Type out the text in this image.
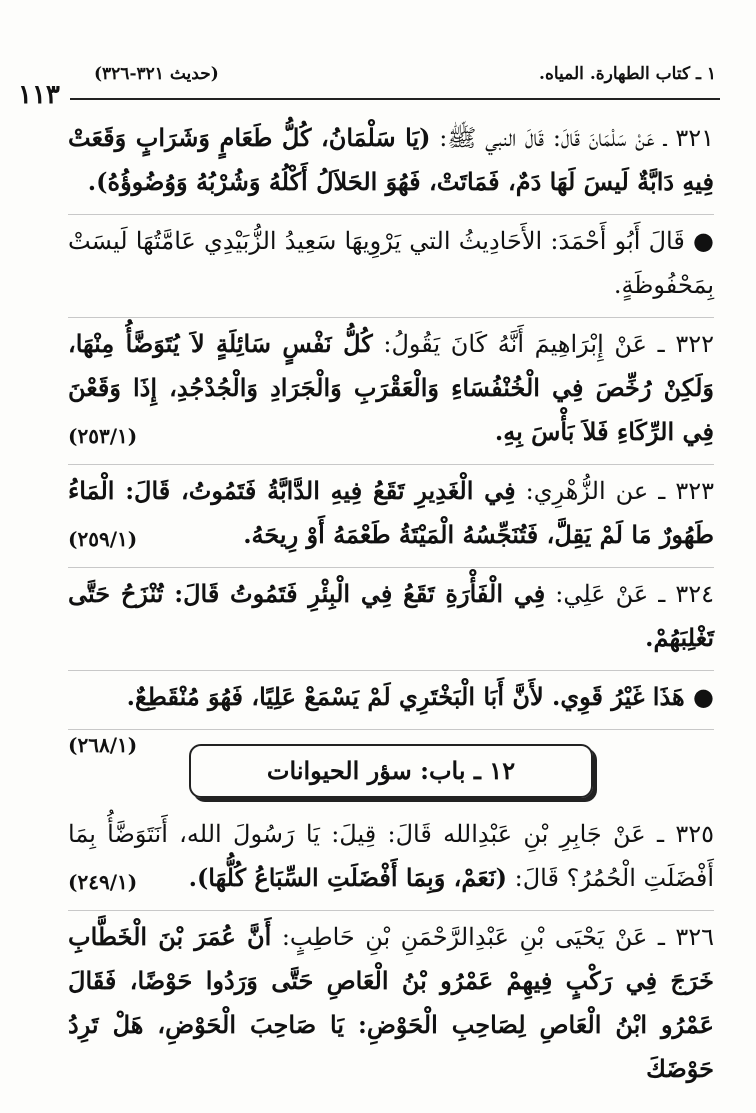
١ ـ كتاب الطهارة. المياه.
(حديث ٣٢١-٣٢٦)
١١٣

٣٢١ ـ عَنْ سَلْمَانَ قَالَ: قَالَ النبي ﷺ: (يَا سَلْمَانُ، كُلُّ طَعَامٍ وَشَرَابٍ وَقَعَتْ فِيهِ دَابَّةٌ لَيسَ لَهَا دَمٌ، فَمَاتَتْ، فَهُوَ الحَلاَلُ أَكْلُهُ وَشُرْبُهُ وَوُضُوؤُهُ).

● قَالَ أَبُو أَحْمَدَ: الأَحَادِيثُ التي يَرْوِيهَا سَعِيدُ الزُّبَيْدِي عَامَّتُهَا لَيسَتْ بِمَحْفُوظَةٍ.

٣٢٢ ـ عَنْ إِبْرَاهِيمَ أَنَّهُ كَانَ يَقُولُ: كُلُّ نَفْسٍ سَائِلَةٍ لاَ يُتَوَضَّأُ مِنْهَا، وَلَكِنْ رُخِّصَ فِي الْخُنْفُسَاءِ وَالْعَقْرَبِ وَالْجَرَادِ وَالْجُدْجُدِ، إِذَا وَقَعْنَ فِي الرِّكَاءِ فَلاَ بَأْسَ بِهِ.
(٢٥٣/١)

٣٢٣ ـ عن الزُّهْرِي: فِي الْغَدِيرِ تَقَعُ فِيهِ الدَّابَّةُ فَتَمُوتُ، قَالَ: الْمَاءُ طَهُورٌ مَا لَمْ يَقِلَّ، فَتُنَجِّسُهُ الْمَيْتَةُ طَعْمَهُ أَوْ رِيحَهُ.
(٢٥٩/١)

٣٢٤ ـ عَنْ عَلِي: فِي الْفَأْرَةِ تَقَعُ فِي الْبِئْرِ فَتَمُوتُ قَالَ: تُنْزَحُ حَتَّى تَغْلِبَهُمْ.

● هَذَا غَيْرُ قَوِي. لأَنَّ أَبَا الْبَخْتَرِي لَمْ يَسْمَعْ عَلِيًا، فَهُوَ مُنْقَطِعٌ.
(٢٦٨/١)

١٢ ـ باب: سؤر الحيوانات

٣٢٥ ـ عَنْ جَابِرِ بْنِ عَبْدِالله قَالَ: قِيلَ: يَا رَسُولَ الله، أَنَتَوَضَّأُ بِمَا أَفْضَلَتِ الْحُمُرُ؟ قَالَ: (نَعَمْ، وَبِمَا أَفْضَلَتِ السِّبَاعُ كُلُّهَا).
(٢٤٩/١)

٣٢٦ ـ عَنْ يَحْيَى بْنِ عَبْدِالرَّحْمَنِ بْنِ حَاطِبٍ: أَنَّ عُمَرَ بْنَ الْخَطَّابِ خَرَجَ فِي رَكْبٍ فِيهِمْ عَمْرُو بْنُ الْعَاصِ حَتَّى وَرَدُوا حَوْضًا، فَقَالَ عَمْرُو ابْنُ الْعَاصِ لِصَاحِبِ الْحَوْضِ: يَا صَاحِبَ الْحَوْضِ، هَلْ تَرِدُ حَوْضَكَ
